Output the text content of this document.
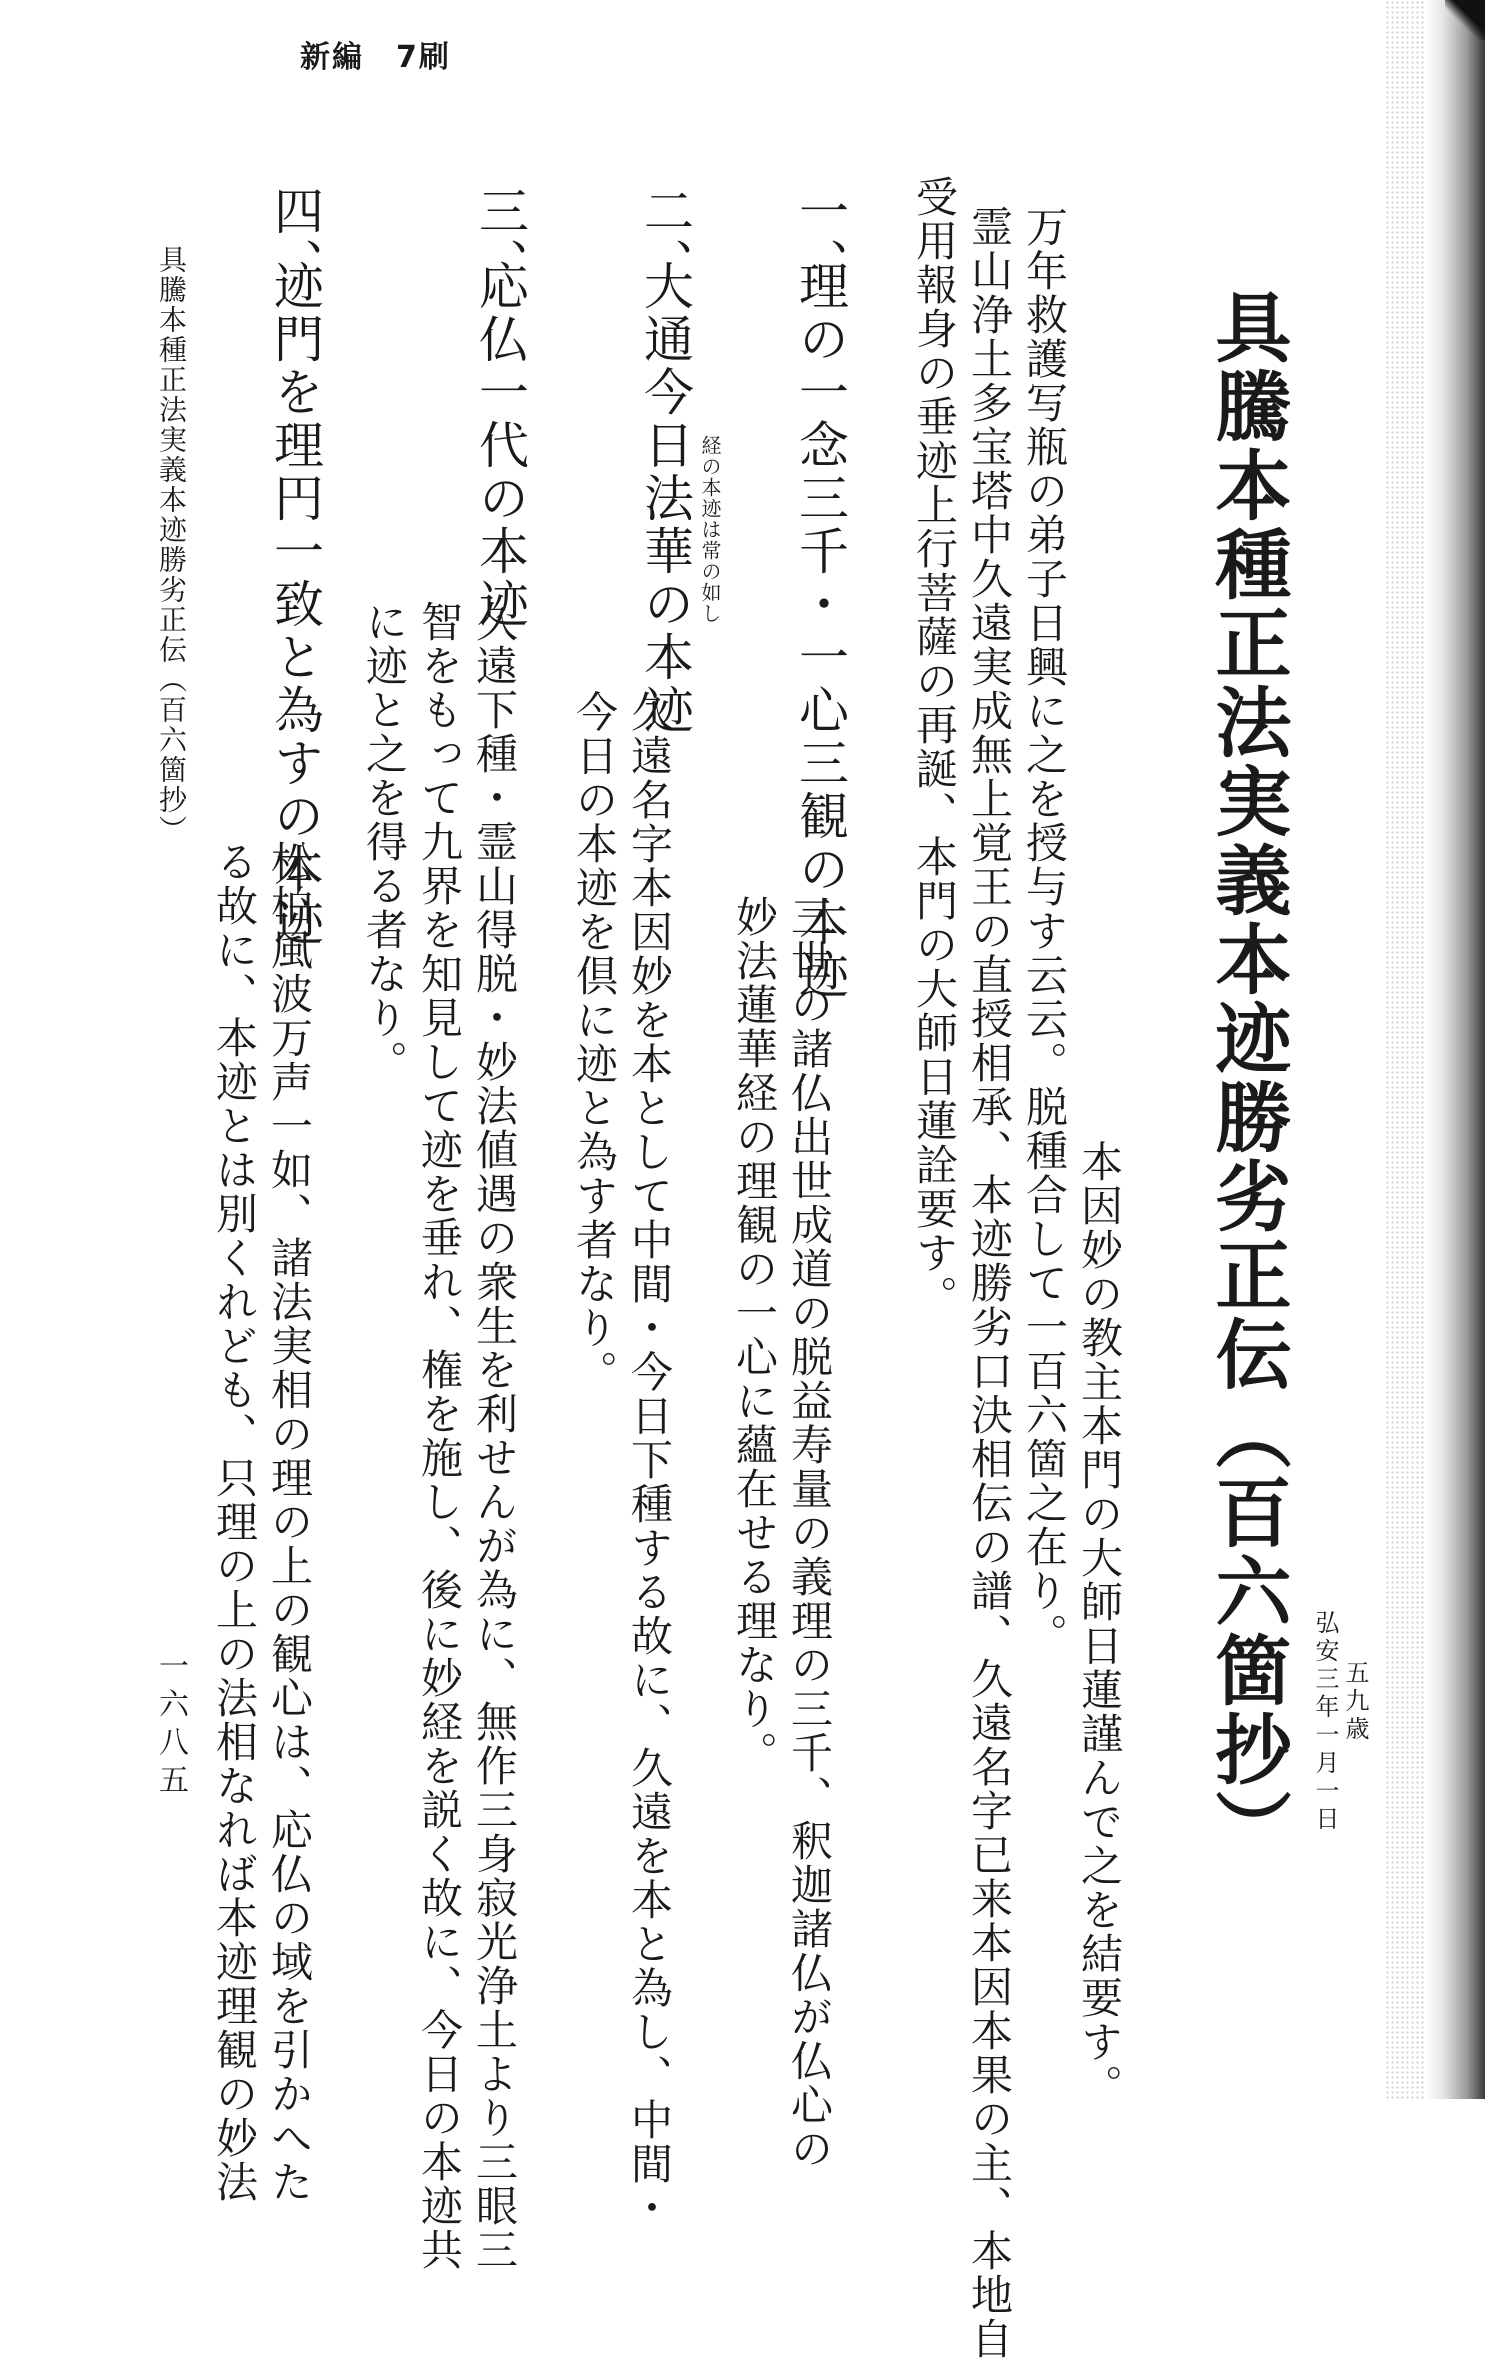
新編　7刷
具騰本種正法実義本迹勝劣正伝（百六箇抄） 弘安三年一月一日 五九歳
本因妙の教主本門の大師日蓮謹んで之を結要す。
万年救護写瓶の弟子日興に之を授与す云云。脱種合して一百六箇之在り。
霊山浄土多宝塔中久遠実成無上覚王の直授相承、本迹勝劣口決相伝の譜、久遠名字已来本因本果の主、本地自
受用報身の垂迹上行菩薩の再誕、本門の大師日蓮詮要す。
一、
理の一念三千・一心三観の本迹
三世の諸仏出世成道の脱益寿量の義理の三千、釈迦諸仏が仏心の
妙法蓮華経の理観の一心に蘊在せる理なり。
二、
大通今日法華の本迹 経の本迹は常の如し
久遠名字本因妙を本として中間・今日下種する故に、久遠を本と為し、中間・
今日の本迹を倶に迹と為す者なり。
三、
応仏一代の本迹
久遠下種・霊山得脱・妙法値遇の衆生を利せんが為に、無作三身寂光浄土より三眼三
智をもって九界を知見して迹を垂れ、権を施し、後に妙経を説く故に、今日の本迹共
に迹と之を得る者なり。
四、
迹門を理円一致と為すの本迹
松柏風波万声一如、諸法実相の理の上の観心は、応仏の域を引かへた
る故に、本迹とは別くれども、只理の上の法相なれば本迹理観の妙法
具騰本種正法実義本迹勝劣正伝（百六箇抄）
一六八五
